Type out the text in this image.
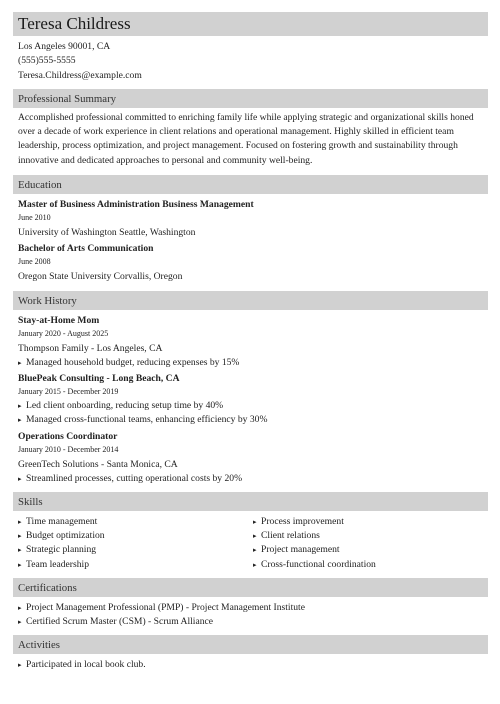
Teresa Childress
Los Angeles 90001, CA
(555)555-5555
Teresa.Childress@example.com
Professional Summary
Accomplished professional committed to enriching family life while applying strategic and organizational skills honed over a decade of work experience in client relations and operational management. Highly skilled in efficient team leadership, process optimization, and project management. Focused on fostering growth and sustainability through innovative and dedicated approaches to personal and community well-being.
Education
Master of Business Administration Business Management
June 2010
University of Washington Seattle, Washington
Bachelor of Arts Communication
June 2008
Oregon State University Corvallis, Oregon
Work History
Stay-at-Home Mom
January 2020 - August 2025
Thompson Family - Los Angeles, CA
▸ Managed household budget, reducing expenses by 15%
BluePeak Consulting - Long Beach, CA
January 2015 - December 2019
▸ Led client onboarding, reducing setup time by 40%
▸ Managed cross-functional teams, enhancing efficiency by 30%
Operations Coordinator
January 2010 - December 2014
GreenTech Solutions - Santa Monica, CA
▸ Streamlined processes, cutting operational costs by 20%
Skills
▸ Time management
▸ Budget optimization
▸ Strategic planning
▸ Team leadership
▸ Process improvement
▸ Client relations
▸ Project management
▸ Cross-functional coordination
Certifications
▸ Project Management Professional (PMP) - Project Management Institute
▸ Certified Scrum Master (CSM) - Scrum Alliance
Activities
▸ Participated in local book club.
